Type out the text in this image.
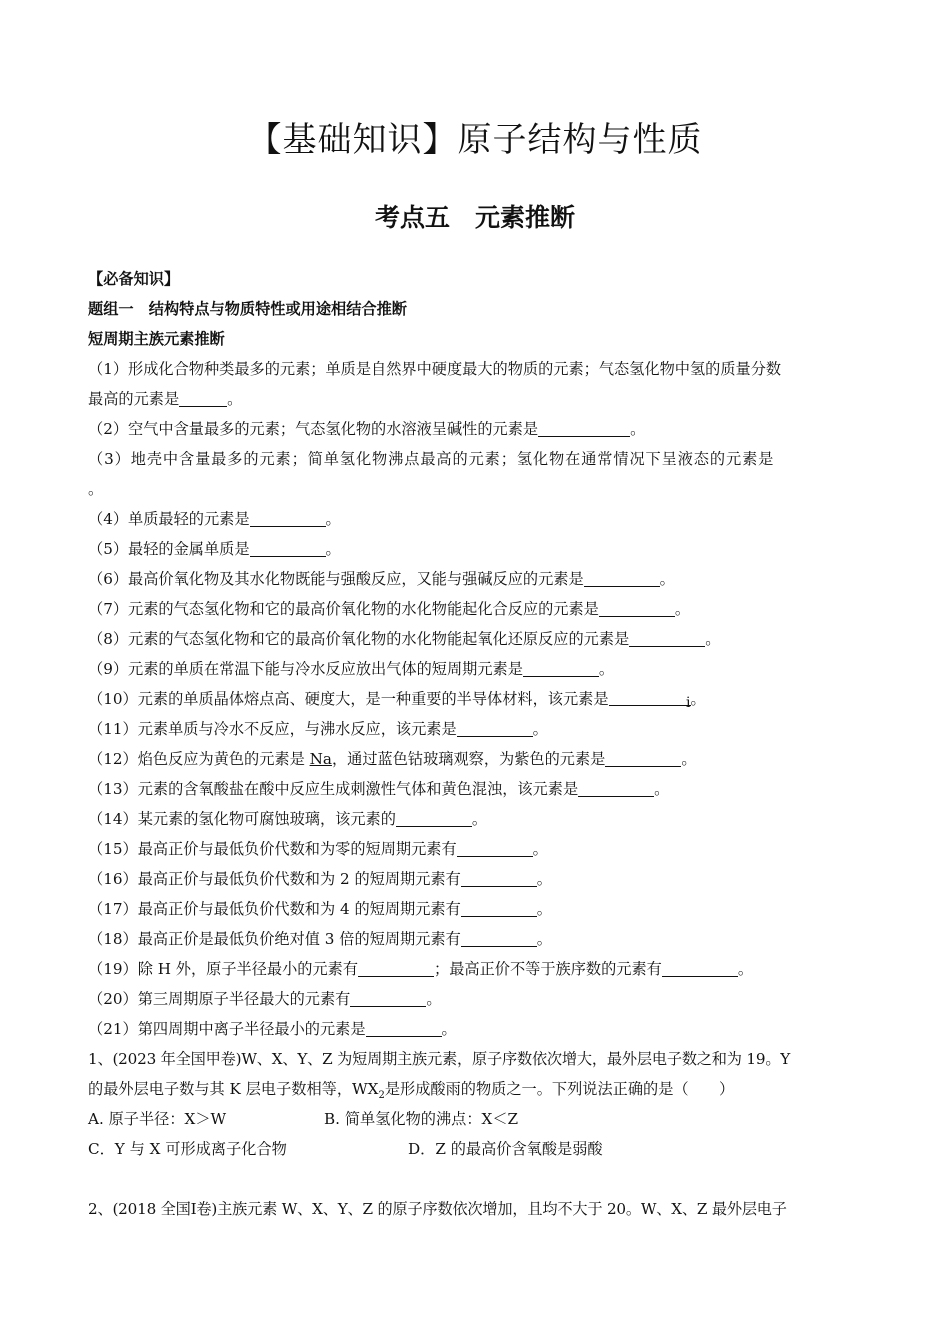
【基础知识】原子结构与性质
考点五　元素推断
【必备知识】
题组一　结构特点与物质特性或用途相结合推断
短周期主族元素推断
（1）形成化合物种类最多的元素；单质是自然界中硬度最大的物质的元素；气态氢化物中氢的质量分数
最高的元素是	。
（2）空气中含量最多的元素；气态氢化物的水溶液呈碱性的元素是	。
（3）地壳中含量最多的元素；简单氢化物沸点最高的元素；氢化物在通常情况下呈液态的元素是
。
（4）单质最轻的元素是	。
（5）最轻的金属单质是	。
（6）最高价氧化物及其水化物既能与强酸反应，又能与强碱反应的元素是	。
（7）元素的气态氢化物和它的最高价氧化物的水化物能起化合反应的元素是	。
（8）元素的气态氢化物和它的最高价氧化物的水化物能起氧化还原反应的元素是	。
（9）元素的单质在常温下能与冷水反应放出气体的短周期元素是	。
（10）元素的单质晶体熔点高、硬度大，是一种重要的半导体材料，该元素是	i。
（11）元素单质与冷水不反应，与沸水反应，该元素是	。
（12）焰色反应为黄色的元素是 Na，通过蓝色钴玻璃观察，为紫色的元素是	。
（13）元素的含氧酸盐在酸中反应生成刺激性气体和黄色混浊，该元素是	。
（14）某元素的氢化物可腐蚀玻璃，该元素的	。
（15）最高正价与最低负价代数和为零的短周期元素有	。
（16）最高正价与最低负价代数和为 2 的短周期元素有	。
（17）最高正价与最低负价代数和为 4 的短周期元素有	。
（18）最高正价是最低负价绝对值 3 倍的短周期元素有	。
（19）除 H 外，原子半径最小的元素有	；最高正价不等于族序数的元素有	。
（20）第三周期原子半径最大的元素有	。
（21）第四周期中离子半径最小的元素是	。
1、(2023 年全国甲卷)W、X、Y、Z 为短周期主族元素，原子序数依次增大，最外层电子数之和为 19。Y
的最外层电子数与其 K 层电子数相等，$WX_2$是形成酸雨的物质之一。下列说法正确的是（　　）
A. 原子半径：X＞W	B. 简单氢化物的沸点：X＜Z
C．Y 与 X 可形成离子化合物	D．Z 的最高价含氧酸是弱酸
2、(2018 全国Ⅰ卷)主族元素 W、X、Y、Z 的原子序数依次增加，且均不大于 20。W、X、Z 最外层电子
